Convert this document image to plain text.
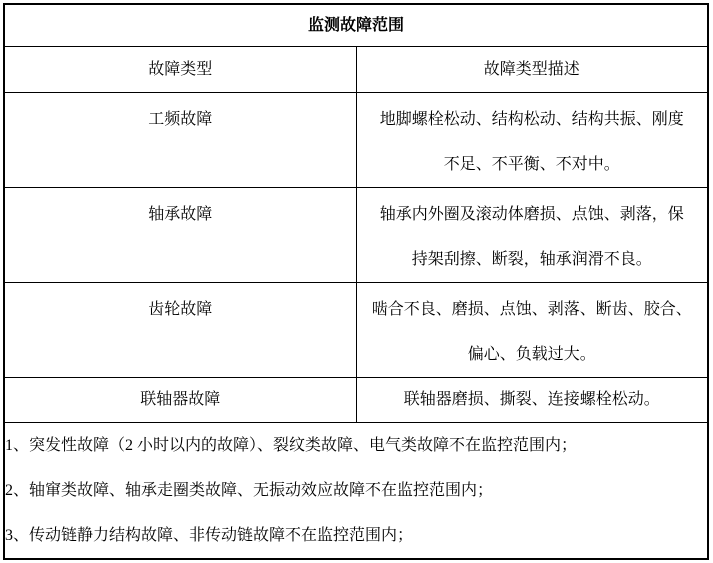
监测故障范围	
故障类型	故障类型描述
工频故障	地脚螺栓松动、结构松动、结构共振、刚度
不足、不平衡、不对中。

轴承故障	轴承内外圈及滚动体磨损、点蚀、剥落，保
持架刮擦、断裂，轴承润滑不良。

齿轮故障	啮合不良、磨损、点蚀、剥落、断齿、胶合、
偏心、负载过大。

联轴器故障	联轴器磨损、撕裂、连接螺栓松动。

1、突发性故障（2 小时以内的故障）、裂纹类故障、电气类故障不在监控范围内；
2、轴窜类故障、轴承走圈类故障、无振动效应故障不在监控范围内；
3、传动链静力结构故障、非传动链故障不在监控范围内；	
